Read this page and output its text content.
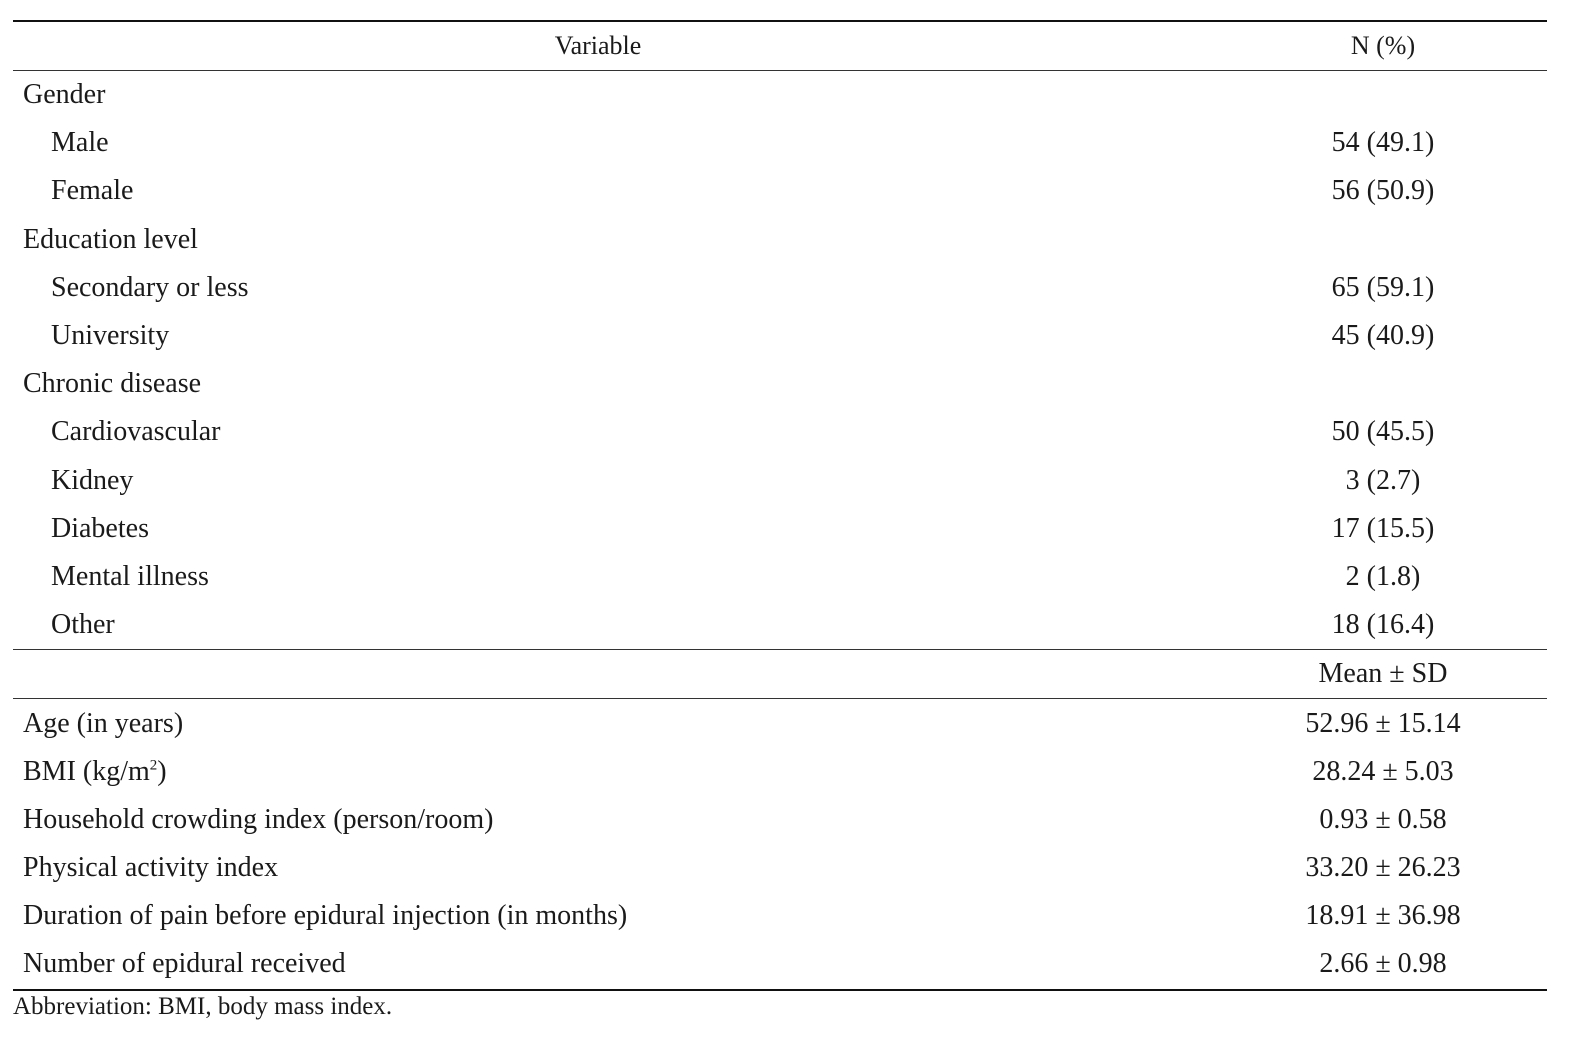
Variable	N (%)
Gender	
Male	54 (49.1)
Female	56 (50.9)
Education level	
Secondary or less	65 (59.1)
University	45 (40.9)
Chronic disease	
Cardiovascular	50 (45.5)
Kidney	3 (2.7)
Diabetes	17 (15.5)
Mental illness	2 (1.8)
Other	18 (16.4)
	Mean ± SD
Age (in years)	52.96 ± 15.14
BMI $(kg/m^2)$	28.24 ± 5.03
Household crowding index (person/room)	0.93 ± 0.58
Physical activity index	33.20 ± 26.23
Duration of pain before epidural injection (in months)	18.91 ± 36.98
Number of epidural received	2.66 ± 0.98
Abbreviation: BMI, body mass index.
